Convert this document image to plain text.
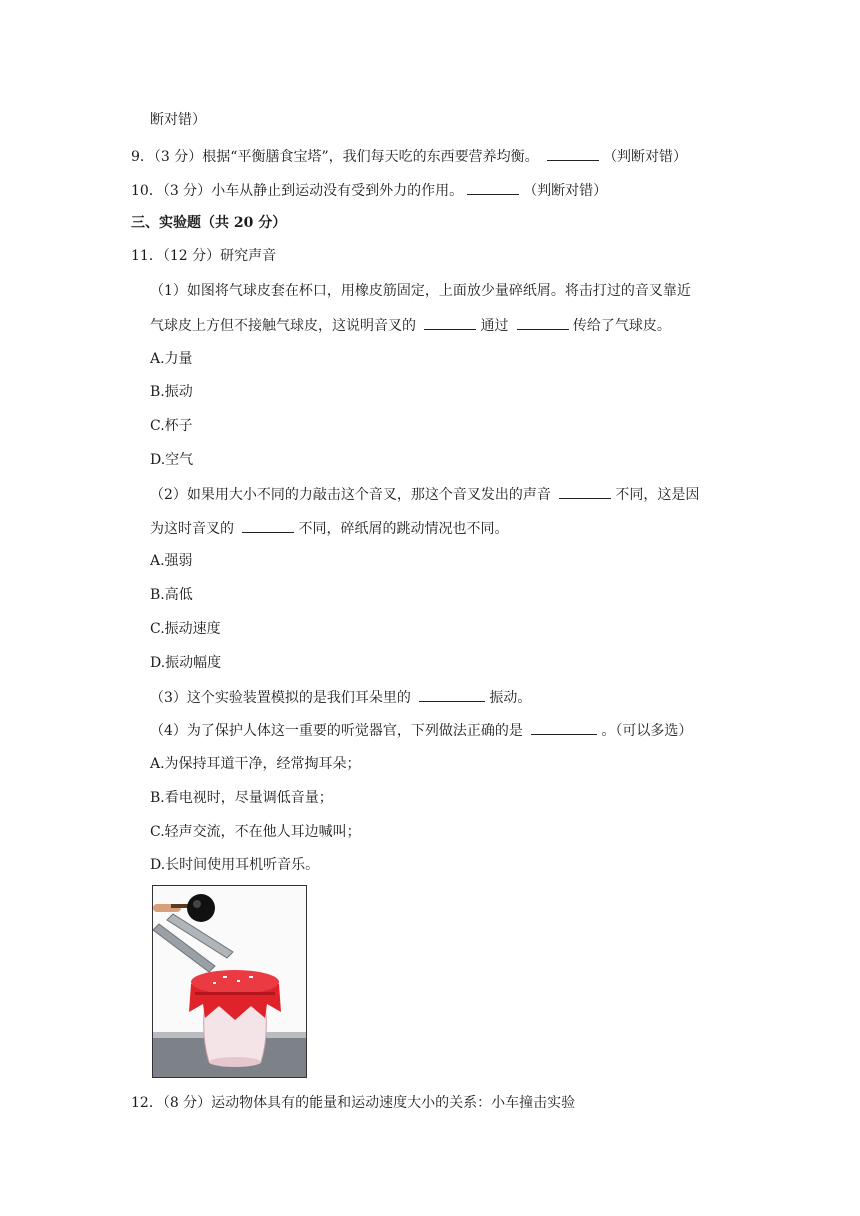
断对错）
9．（3 分）根据“平衡膳食宝塔”，我们每天吃的东西要营养均衡。	（判断对错）
10．（3 分）小车从静止到运动没有受到外力的作用。	（判断对错）
三、实验题（共 20 分）
11．（12 分）研究声音
（1）如图将气球皮套在杯口，用橡皮筋固定，上面放少量碎纸屑。将击打过的音叉靠近
气球皮上方但不接触气球皮，这说明音叉的	通过	传给了气球皮。
A.力量
B.振动
C.杯子
D.空气
（2）如果用大小不同的力敲击这个音叉，那这个音叉发出的声音	不同，这是因
为这时音叉的	不同，碎纸屑的跳动情况也不同。
A.强弱
B.高低
C.振动速度
D.振动幅度
（3）这个实验装置模拟的是我们耳朵里的	振动。
（4）为了保护人体这一重要的听觉器官，下列做法正确的是	。（可以多选）
A.为保持耳道干净，经常掏耳朵；
B.看电视时，尽量调低音量；
C.轻声交流，不在他人耳边喊叫；
D.长时间使用耳机听音乐。
12．（8 分）运动物体具有的能量和运动速度大小的关系：小车撞击实验
